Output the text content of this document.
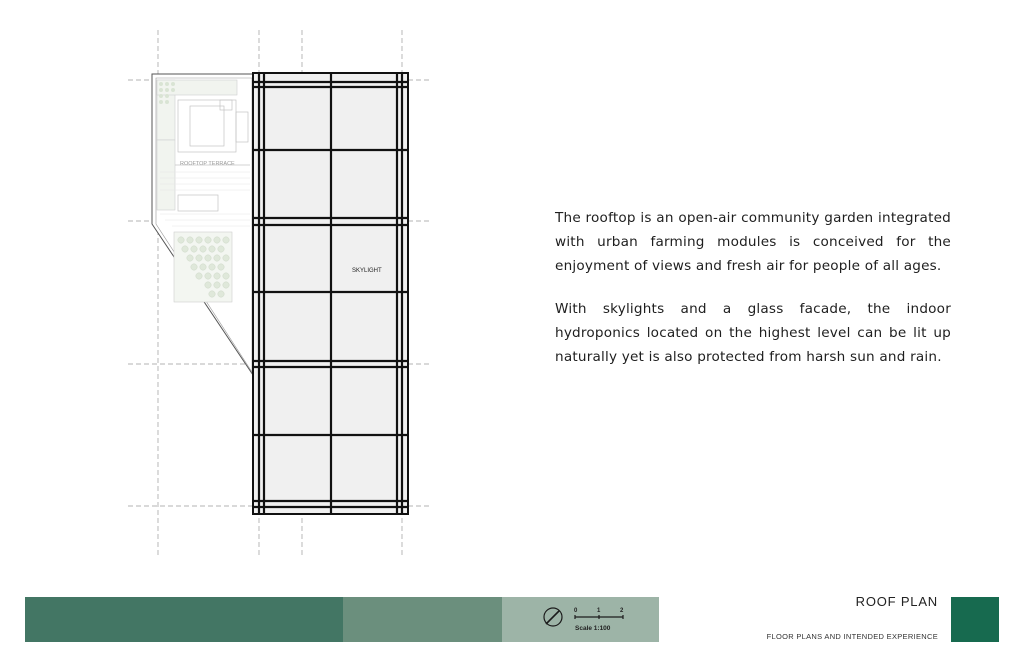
ROOFTOP TERRACE
SKYLIGHT

The rooftop is an open-air community garden integrated with urban farming modules is conceived for the enjoyment of views and fresh air for people of all ages.

With skylights and a glass facade, the indoor hydroponics located on the highest level can be lit up naturally yet is also protected from harsh sun and rain.

0	1	2
Scale 1:100
ROOF PLAN
FLOOR PLANS AND INTENDED EXPERIENCE
